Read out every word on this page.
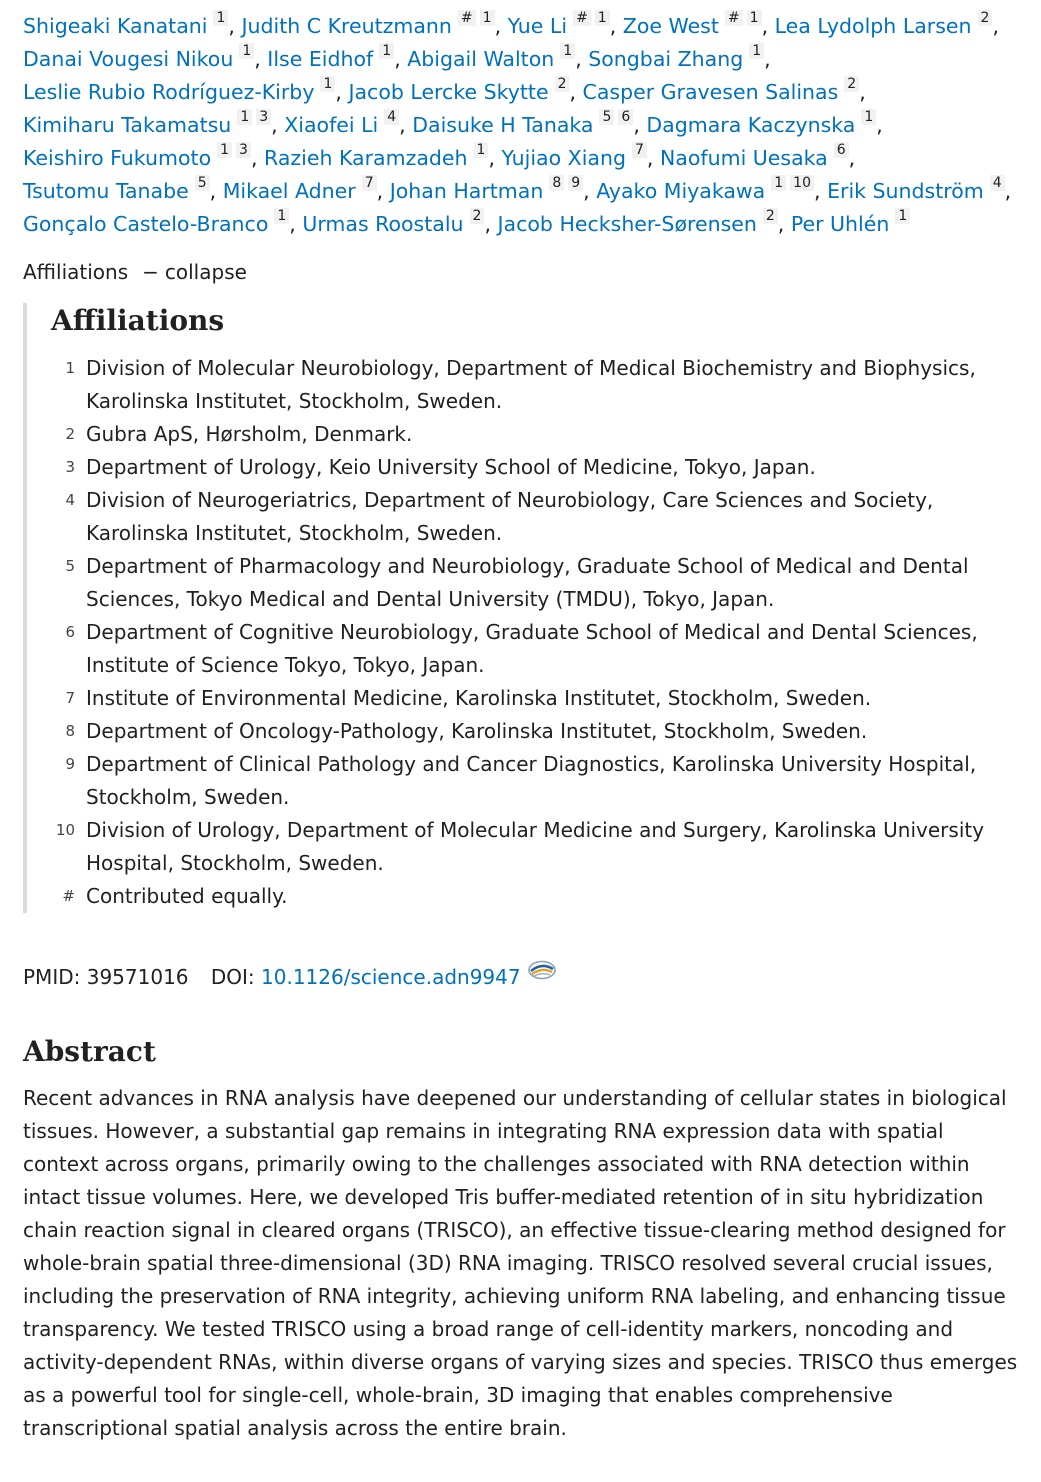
Shigeaki Kanatani 1 , Judith C Kreutzmann # 1 , Yue Li # 1 , Zoe West # 1 , Lea Lydolph Larsen 2 ,
Danai Vougesi Nikou 1 , Ilse Eidhof 1 , Abigail Walton 1 , Songbai Zhang 1 ,
Leslie Rubio Rodríguez-Kirby 1 , Jacob Lercke Skytte 2 , Casper Gravesen Salinas 2 ,
Kimiharu Takamatsu 1 3 , Xiaofei Li 4 , Daisuke H Tanaka 5 6 , Dagmara Kaczynska 1 ,
Keishiro Fukumoto 1 3 , Razieh Karamzadeh 1 , Yujiao Xiang 7 , Naofumi Uesaka 6 ,
Tsutomu Tanabe 5 , Mikael Adner 7 , Johan Hartman 8 9 , Ayako Miyakawa 1 10 , Erik Sundström 4 ,
Gonçalo Castelo-Branco 1 , Urmas Roostalu 2 , Jacob Hecksher-Sørensen 2 , Per Uhlén 1
Affiliations − collapse
Affiliations
1 Division of Molecular Neurobiology, Department of Medical Biochemistry and Biophysics, Karolinska Institutet, Stockholm, Sweden.
2 Gubra ApS, Hørsholm, Denmark.
3 Department of Urology, Keio University School of Medicine, Tokyo, Japan.
4 Division of Neurogeriatrics, Department of Neurobiology, Care Sciences and Society, Karolinska Institutet, Stockholm, Sweden.
5 Department of Pharmacology and Neurobiology, Graduate School of Medical and Dental Sciences, Tokyo Medical and Dental University (TMDU), Tokyo, Japan.
6 Department of Cognitive Neurobiology, Graduate School of Medical and Dental Sciences, Institute of Science Tokyo, Tokyo, Japan.
7 Institute of Environmental Medicine, Karolinska Institutet, Stockholm, Sweden.
8 Department of Oncology-Pathology, Karolinska Institutet, Stockholm, Sweden.
9 Department of Clinical Pathology and Cancer Diagnostics, Karolinska University Hospital, Stockholm, Sweden.
10 Division of Urology, Department of Molecular Medicine and Surgery, Karolinska University Hospital, Stockholm, Sweden.
# Contributed equally.
PMID: 39571016 DOI: 10.1126/science.adn9947
Abstract
Recent advances in RNA analysis have deepened our understanding of cellular states in biological tissues. However, a substantial gap remains in integrating RNA expression data with spatial context across organs, primarily owing to the challenges associated with RNA detection within intact tissue volumes. Here, we developed Tris buffer-mediated retention of in situ hybridization chain reaction signal in cleared organs (TRISCO), an effective tissue-clearing method designed for whole-brain spatial three-dimensional (3D) RNA imaging. TRISCO resolved several crucial issues, including the preservation of RNA integrity, achieving uniform RNA labeling, and enhancing tissue transparency. We tested TRISCO using a broad range of cell-identity markers, noncoding and activity-dependent RNAs, within diverse organs of varying sizes and species. TRISCO thus emerges as a powerful tool for single-cell, whole-brain, 3D imaging that enables comprehensive transcriptional spatial analysis across the entire brain.
